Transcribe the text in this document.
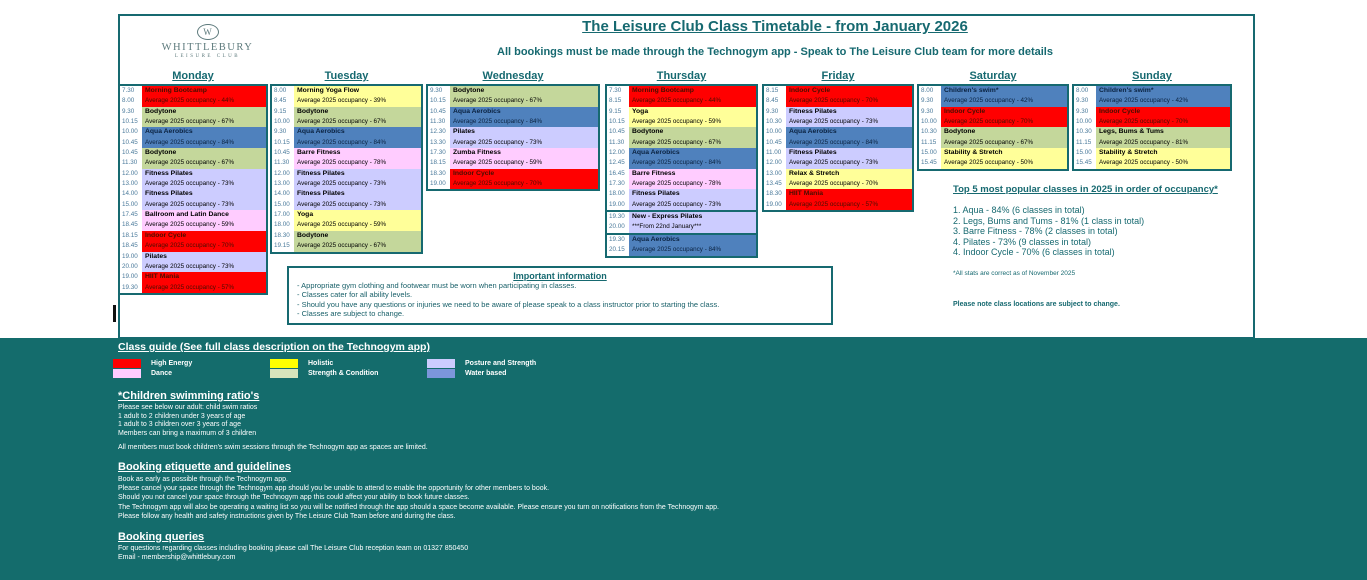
W
WHITTLEBURY
LEISURE CLUB
The Leisure Club Class Timetable - from January 2026
All bookings must be made through the Technogym app - Speak to The Leisure Club team for more details
Monday
7.30	Morning Bootcamp
8.00	Average 2025 occupancy - 44%
9.30	Bodytone
10.15	Average 2025 occupancy - 67%
10.00	Aqua Aerobics
10.45	Average 2025 occupancy - 84%
10.45	Bodytone
11.30	Average 2025 occupancy - 67%
12.00	Fitness Pilates
13.00	Average 2025 occupancy - 73%
14.00	Fitness Pilates
15.00	Average 2025 occupancy - 73%
17.45	Ballroom and Latin Dance
18.45	Average 2025 occupancy - 59%
18.15	Indoor Cycle
18.45	Average 2025 occupancy - 70%
19.00	Pilates
20.00	Average 2025 occupancy - 73%
19.00	HIIT Mania
19.30	Average 2025 occupancy - 57%
Tuesday
8.00	Morning Yoga Flow
8.45	Average 2025 occupancy - 39%
9.15	Bodytone
10.00	Average 2025 occupancy - 67%
9.30	Aqua Aerobics
10.15	Average 2025 occupancy - 84%
10.45	Barre Fitness
11.30	Average 2025 occupancy - 78%
12.00	Fitness Pilates
13.00	Average 2025 occupancy - 73%
14.00	Fitness Pilates
15.00	Average 2025 occupancy - 73%
17.00	Yoga
18.00	Average 2025 occupancy - 59%
18.30	Bodytone
19.15	Average 2025 occupancy - 67%
Wednesday
9.30	Bodytone
10.15	Average 2025 occupancy - 67%
10.45	Aqua Aerobics
11.30	Average 2025 occupancy - 84%
12.30	Pilates
13.30	Average 2025 occupancy - 73%
17.30	Zumba Fitness
18.15	Average 2025 occupancy - 59%
18.30	Indoor Cycle
19.00	Average 2025 occupancy - 70%
Thursday
7.30	Morning Bootcamp
8.15	Average 2025 occupancy - 44%
9.15	Yoga
10.15	Average 2025 occupancy - 59%
10.45	Bodytone
11.30	Average 2025 occupancy - 67%
12.00	Aqua Aerobics
12.45	Average 2025 occupancy - 84%
16.45	Barre Fitness
17.30	Average 2025 occupancy - 78%
18.00	Fitness Pilates
19.00	Average 2025 occupancy - 73%
19.30	New - Express Pilates
20.00	***From 22nd January***
19.30	Aqua Aerobics
20.15	Average 2025 occupancy - 84%
Friday
8.15	Indoor Cycle
8.45	Average 2025 occupancy - 70%
9.30	Fitness Pilates
10.30	Average 2025 occupancy - 73%
10.00	Aqua Aerobics
10.45	Average 2025 occupancy - 84%
11.00	Fitness Pilates
12.00	Average 2025 occupancy - 73%
13.00	Relax & Stretch
13.45	Average 2025 occupancy - 70%
18.30	HIIT Mania
19.00	Average 2025 occupancy - 57%
Saturday
8.00	Children's swim*
9.30	Average 2025 occupancy - 42%
9.30	Indoor Cycle
10.00	Average 2025 occupancy - 70%
10.30	Bodytone
11.15	Average 2025 occupancy - 67%
15.00	Stability & Stretch
15.45	Average 2025 occupancy - 50%
Sunday
8.00	Children's swim*
9.30	Average 2025 occupancy - 42%
9.30	Indoor Cycle
10.00	Average 2025 occupancy - 70%
10.30	Legs, Bums & Tums
11.15	Average 2025 occupancy - 81%
15.00	Stability & Stretch
15.45	Average 2025 occupancy - 50%
Top 5 most popular classes in 2025 in order of occupancy*
1. Aqua - 84% (6 classes in total)
2. Legs, Bums and Tums - 81% (1 class in total)
3. Barre Fitness - 78% (2 classes in total)
4. Pilates - 73% (9 classes in total)
4. Indoor Cycle - 70% (6 classes in total)
*All stats are correct as of November 2025
Please note class locations are subject to change.
Important information
- Appropriate gym clothing and footwear must be worn when participating in classes.
- Classes cater for all ability levels.
- Should you have any questions or injuries we need to be aware of please speak to a class instructor prior to starting the class.
- Classes are subject to change.
Class guide (See full class description on the Technogym app)
High Energy
Dance
Holistic
Strength & Condition
Posture and Strength
Water based
*Children swimming ratio's
Please see below our adult: child swim ratios
1 adult to 2 children under 3 years of age
1 adult to 3 children over 3 years of age
Members can bring a maximum of 3 children
All members must book children's swim sessions through the Technogym app as spaces are limited.
Booking etiquette and guidelines
Book as early as possible through the Technogym app.
Please cancel your space through the Technogym app should you be unable to attend to enable the opportunity for other members to book.
Should you not cancel your space through the Technogym app this could affect your ability to book future classes.
The Technogym app will also be operating a waiting list so you will be notified through the app should a space become available. Please ensure you turn on notifications from the Technogym app.
Please follow any health and safety instructions given by The Leisure Club Team before and during the class.
Booking queries
For questions regarding classes including booking please call The Leisure Club reception team on 01327 850450
Email - membership@whittlebury.com
